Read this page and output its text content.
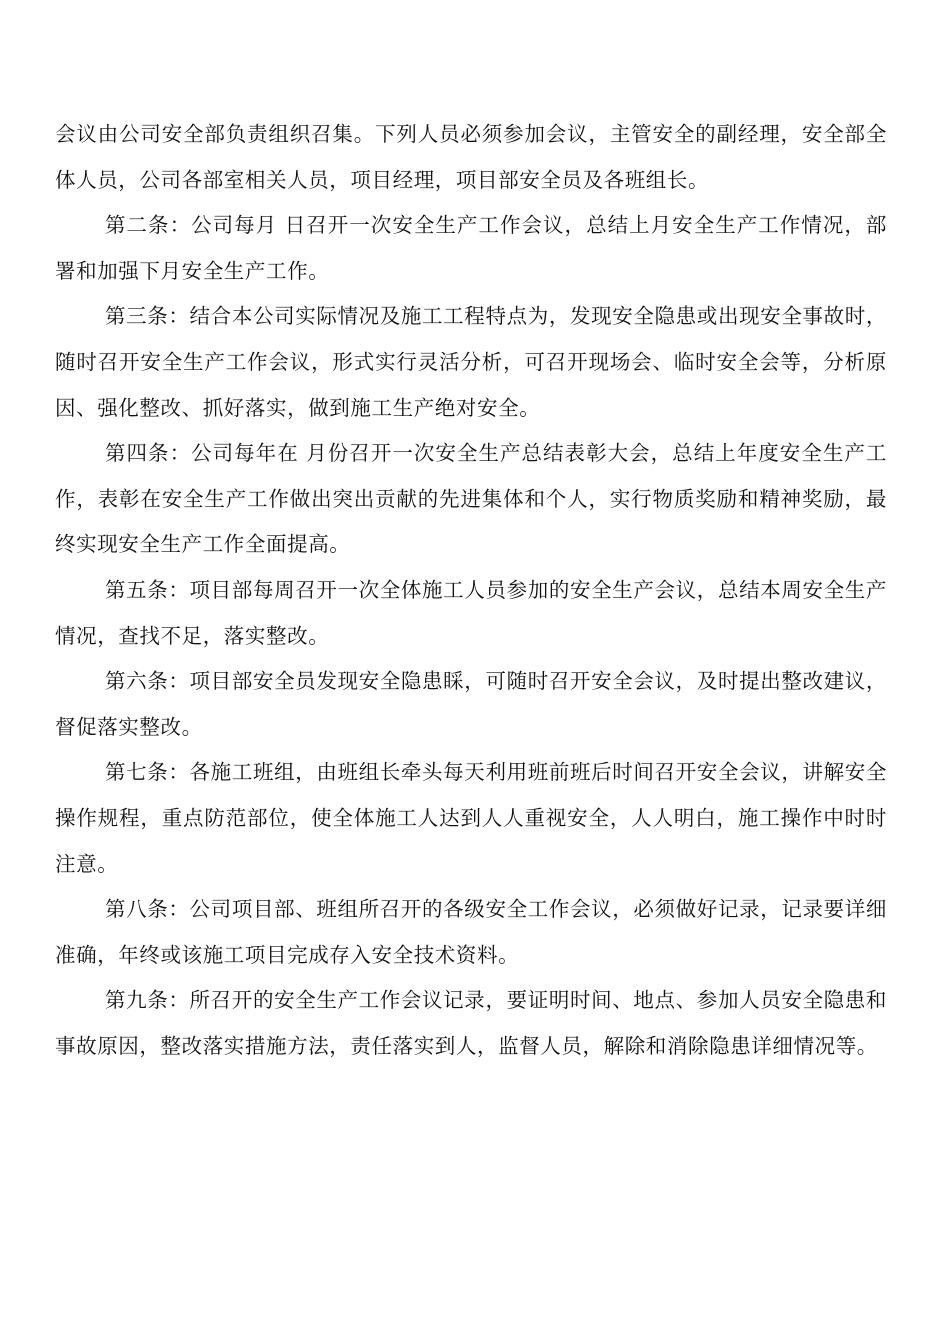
会议由公司安全部负责组织召集。下列人员必须参加会议，主管安全的副经理，安全部全体人员，公司各部室相关人员，项目经理，项目部安全员及各班组长。

第二条：公司每月 日召开一次安全生产工作会议，总结上月安全生产工作情况，部署和加强下月安全生产工作。

第三条：结合本公司实际情况及施工工程特点为，发现安全隐患或出现安全事故时，随时召开安全生产工作会议，形式实行灵活分析，可召开现场会、临时安全会等，分析原因、强化整改、抓好落实，做到施工生产绝对安全。

第四条：公司每年在 月份召开一次安全生产总结表彰大会，总结上年度安全生产工作，表彰在安全生产工作做出突出贡献的先进集体和个人，实行物质奖励和精神奖励，最终实现安全生产工作全面提高。

第五条：项目部每周召开一次全体施工人员参加的安全生产会议，总结本周安全生产情况，查找不足，落实整改。

第六条：项目部安全员发现安全隐患睬，可随时召开安全会议，及时提出整改建议，督促落实整改。

第七条：各施工班组，由班组长牵头每天利用班前班后时间召开安全会议，讲解安全操作规程，重点防范部位，使全体施工人达到人人重视安全，人人明白，施工操作中时时注意。

第八条：公司项目部、班组所召开的各级安全工作会议，必须做好记录，记录要详细准确，年终或该施工项目完成存入安全技术资料。

第九条：所召开的安全生产工作会议记录，要证明时间、地点、参加人员安全隐患和事故原因，整改落实措施方法，责任落实到人，监督人员，解除和消除隐患详细情况等。
